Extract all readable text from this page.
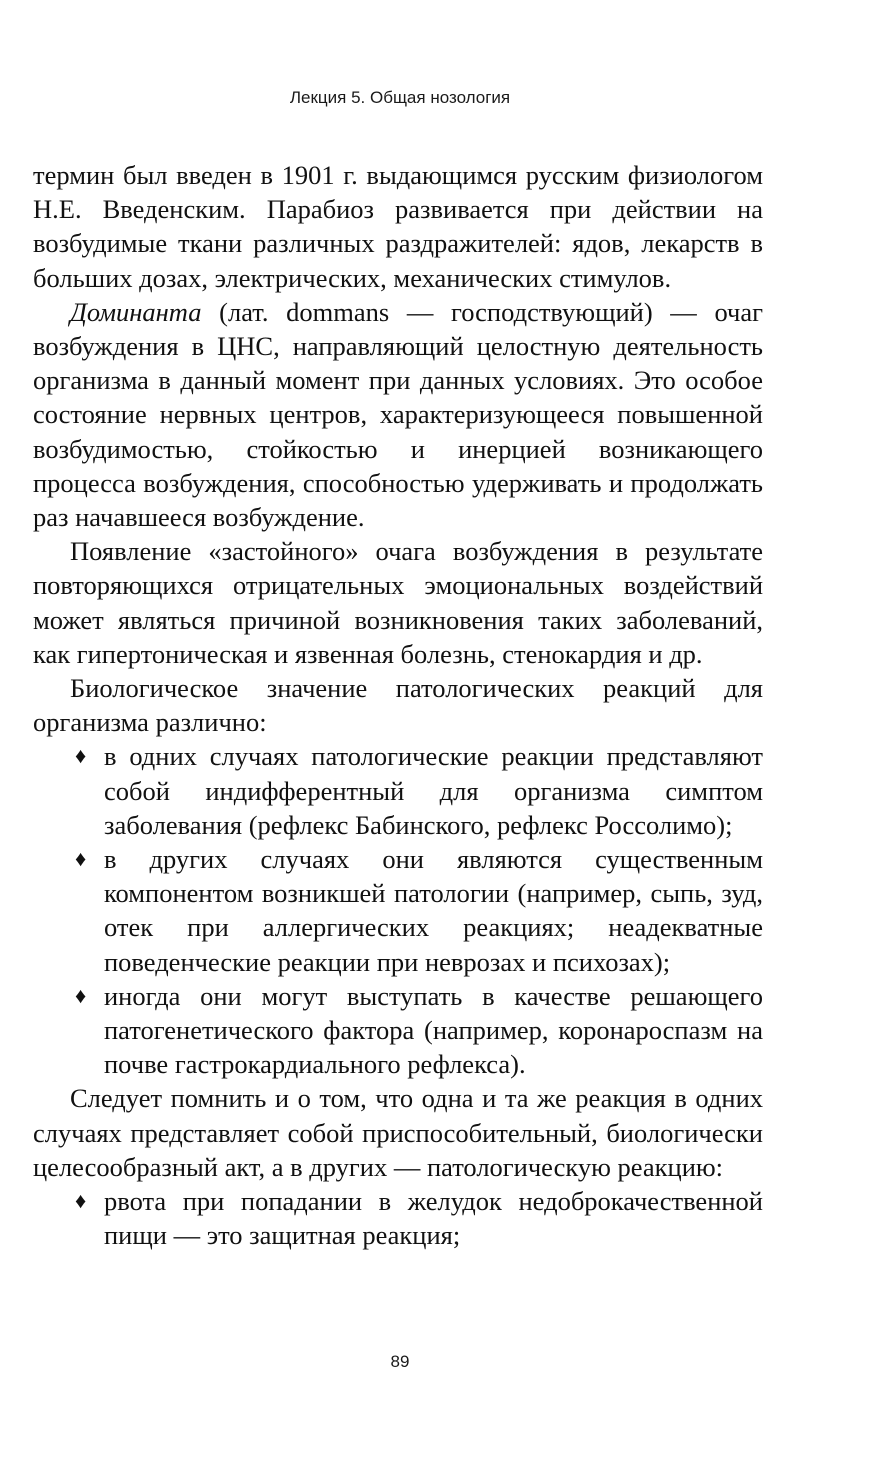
Лекция 5. Общая нозология

термин был введен в 1901 г. выдающимся русским физиологом Н.Е. Введенским. Парабиоз развивается при действии на возбудимые ткани различных раздражителей: ядов, лекарств в больших дозах, электрических, механических стимулов.

Доминанта (лат. dommans — господствующий) — очаг возбуждения в ЦНС, направляющий целостную деятельность организма в данный момент при данных условиях. Это особое состояние нервных центров, характеризующееся повышенной возбудимостью, стойкостью и инерцией возникающего процесса возбуждения, способностью удерживать и продолжать раз начавшееся возбуждение.

Появление «застойного» очага возбуждения в результате повторяющихся отрицательных эмоциональных воздействий может являться причиной возникновения таких заболеваний, как гипертоническая и язвенная болезнь, стенокардия и др.

Биологическое значение патологических реакций для организма различно:

♦ в одних случаях патологические реакции представляют собой индифферентный для организма симптом заболевания (рефлекс Бабинского, рефлекс Россолимо);
♦ в других случаях они являются существенным компонентом возникшей патологии (например, сыпь, зуд, отек при аллергических реакциях; неадекватные поведенческие реакции при неврозах и психозах);
♦ иногда они могут выступать в качестве решающего патогенетического фактора (например, коронароспазм на почве гастрокардиального рефлекса).

Следует помнить и о том, что одна и та же реакция в одних случаях представляет собой приспособительный, биологически целесообразный акт, а в других — патологическую реакцию:

♦ рвота при попадании в желудок недоброкачественной пищи — это защитная реакция;

89
